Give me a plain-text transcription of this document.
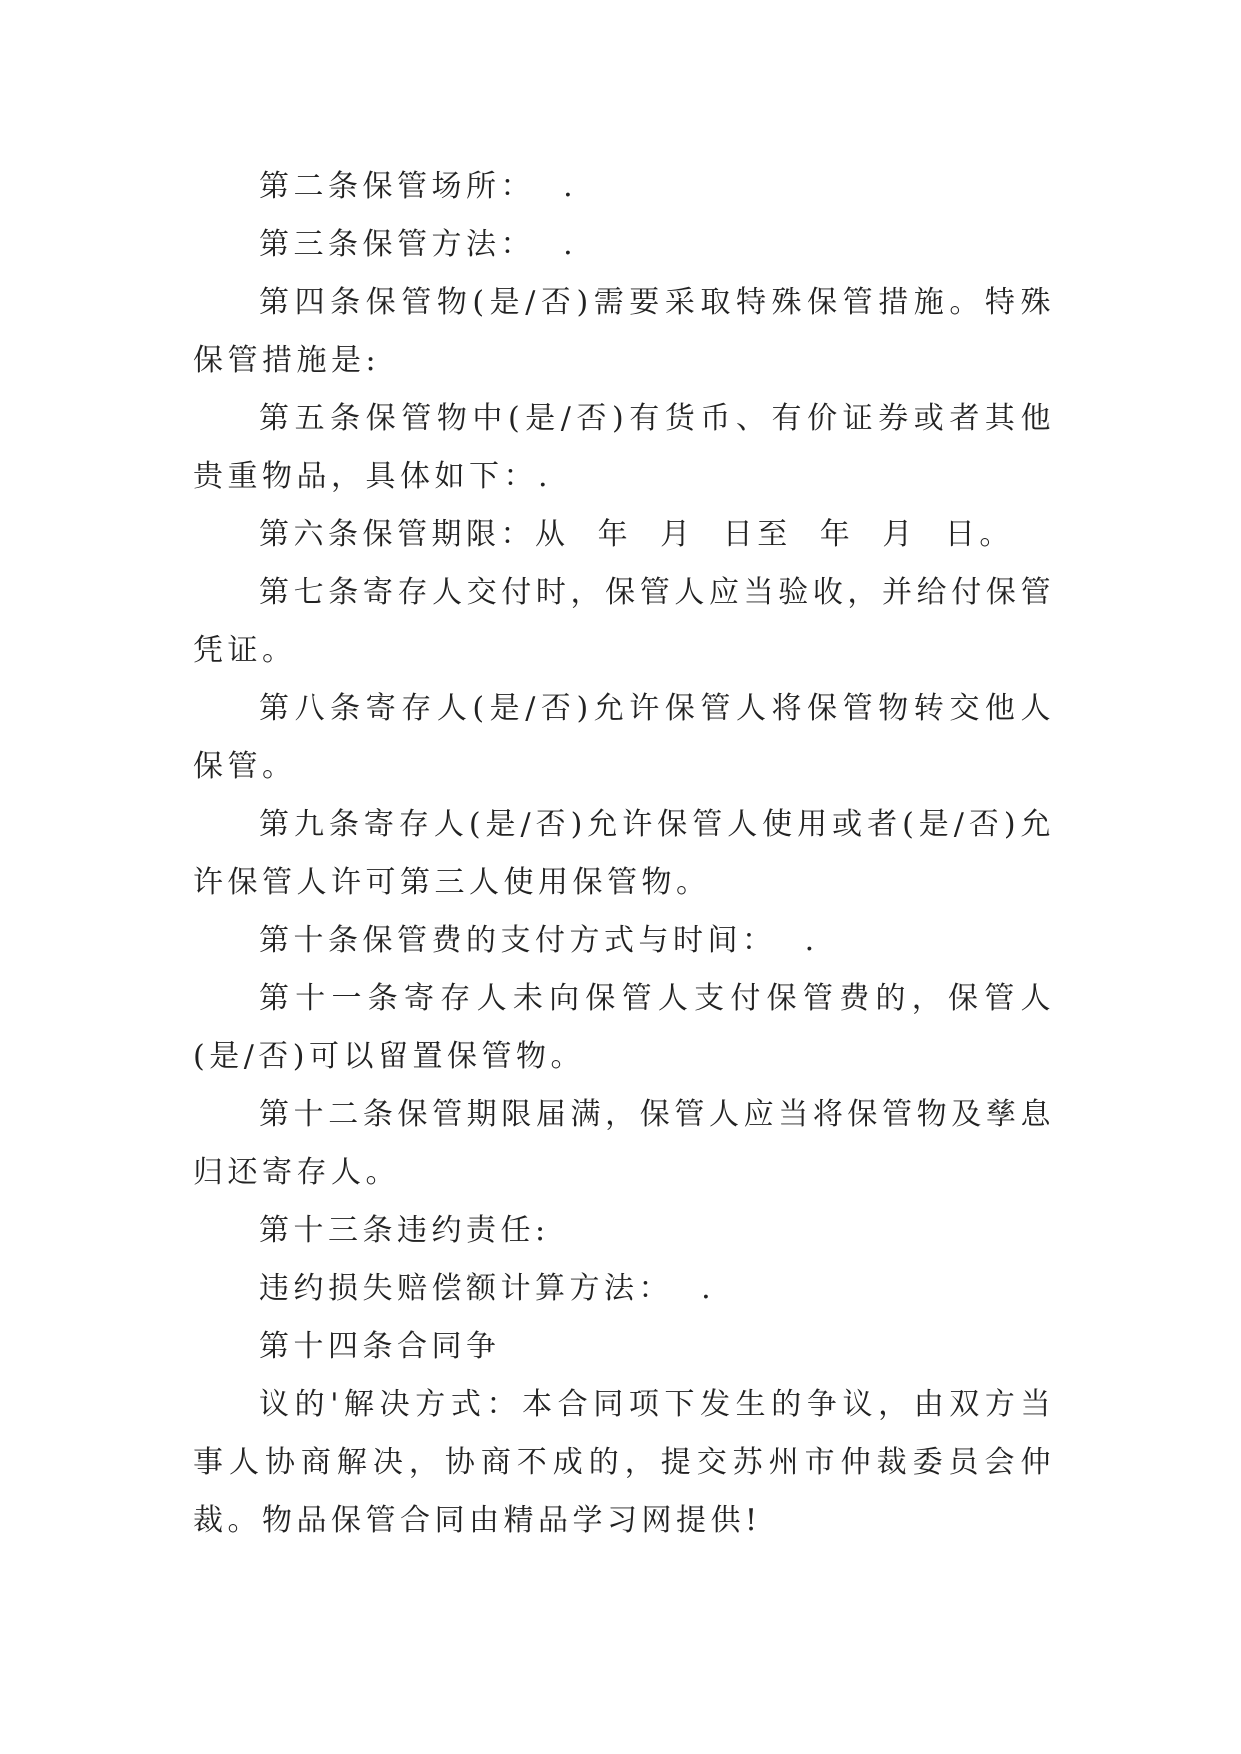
第二条保管场所：  .

第三条保管方法：  .

第四条保管物(是/否)需要采取特殊保管措施。特殊保管措施是:

第五条保管物中(是/否)有货币、有价证券或者其他贵重物品，具体如下：.

第六条保管期限：从  年  月  日至  年  月  日。

第七条寄存人交付时，保管人应当验收，并给付保管凭证。

第八条寄存人(是/否)允许保管人将保管物转交他人保管。

第九条寄存人(是/否)允许保管人使用或者(是/否)允许保管人许可第三人使用保管物。

第十条保管费的支付方式与时间：  .

第十一条寄存人未向保管人支付保管费的，保管人(是/否)可以留置保管物。

第十二条保管期限届满，保管人应当将保管物及孳息归还寄存人。

第十三条违约责任:

违约损失赔偿额计算方法：  .

第十四条合同争

议的'解决方式：本合同项下发生的争议，由双方当事人协商解决，协商不成的，提交苏州市仲裁委员会仲裁。物品保管合同由精品学习网提供!
